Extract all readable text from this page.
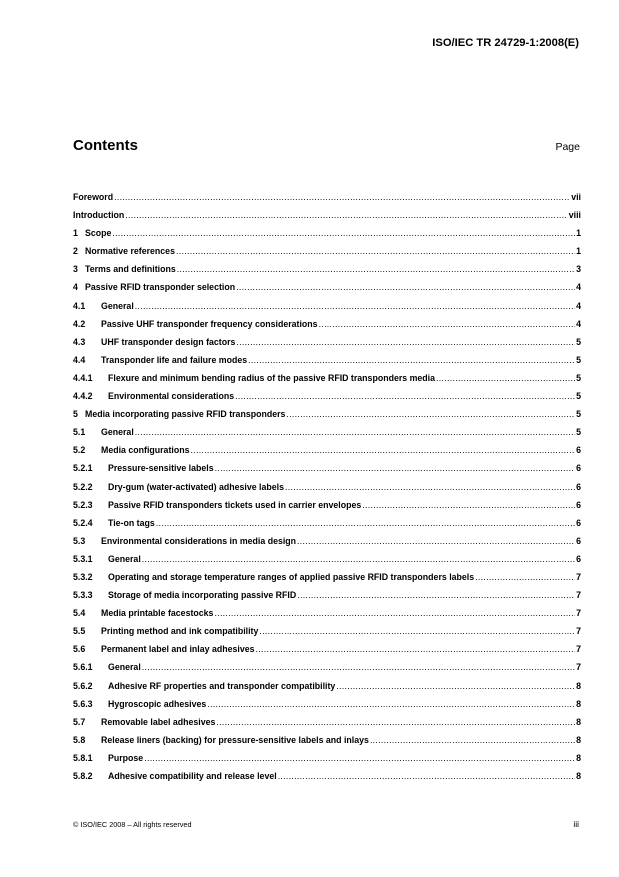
ISO/IEC TR 24729-1:2008(E)
Contents	Page
Foreword .....	vii
Introduction .....	viii
1 Scope .....	1
2 Normative references .....	1
3 Terms and definitions .....	3
4 Passive RFID transponder selection .....	4
4.1	General .....	4
4.2	Passive UHF transponder frequency considerations .....	4
4.3	UHF transponder design factors .....	5
4.4	Transponder life and failure modes .....	5
4.4.1	Flexure and minimum bending radius of the passive RFID transponders media .....	5
4.4.2	Environmental considerations .....	5
5 Media incorporating passive RFID transponders .....	5
5.1	General .....	5
5.2	Media configurations .....	6
5.2.1	Pressure-sensitive labels .....	6
5.2.2	Dry-gum (water-activated) adhesive labels .....	6
5.2.3	Passive RFID transponders tickets used in carrier envelopes .....	6
5.2.4	Tie-on tags .....	6
5.3	Environmental considerations in media design .....	6
5.3.1	General .....	6
5.3.2	Operating and storage temperature ranges of applied passive RFID transponders labels .....	7
5.3.3	Storage of media incorporating passive RFID .....	7
5.4	Media printable facestocks .....	7
5.5	Printing method and ink compatibility .....	7
5.6	Permanent label and inlay adhesives .....	7
5.6.1	General .....	7
5.6.2	Adhesive RF properties and transponder compatibility .....	8
5.6.3	Hygroscopic adhesives .....	8
5.7	Removable label adhesives .....	8
5.8	Release liners (backing) for pressure-sensitive labels and inlays .....	8
5.8.1	Purpose .....	8
5.8.2	Adhesive compatibility and release level .....	8
© ISO/IEC 2008 – All rights reserved	iii
